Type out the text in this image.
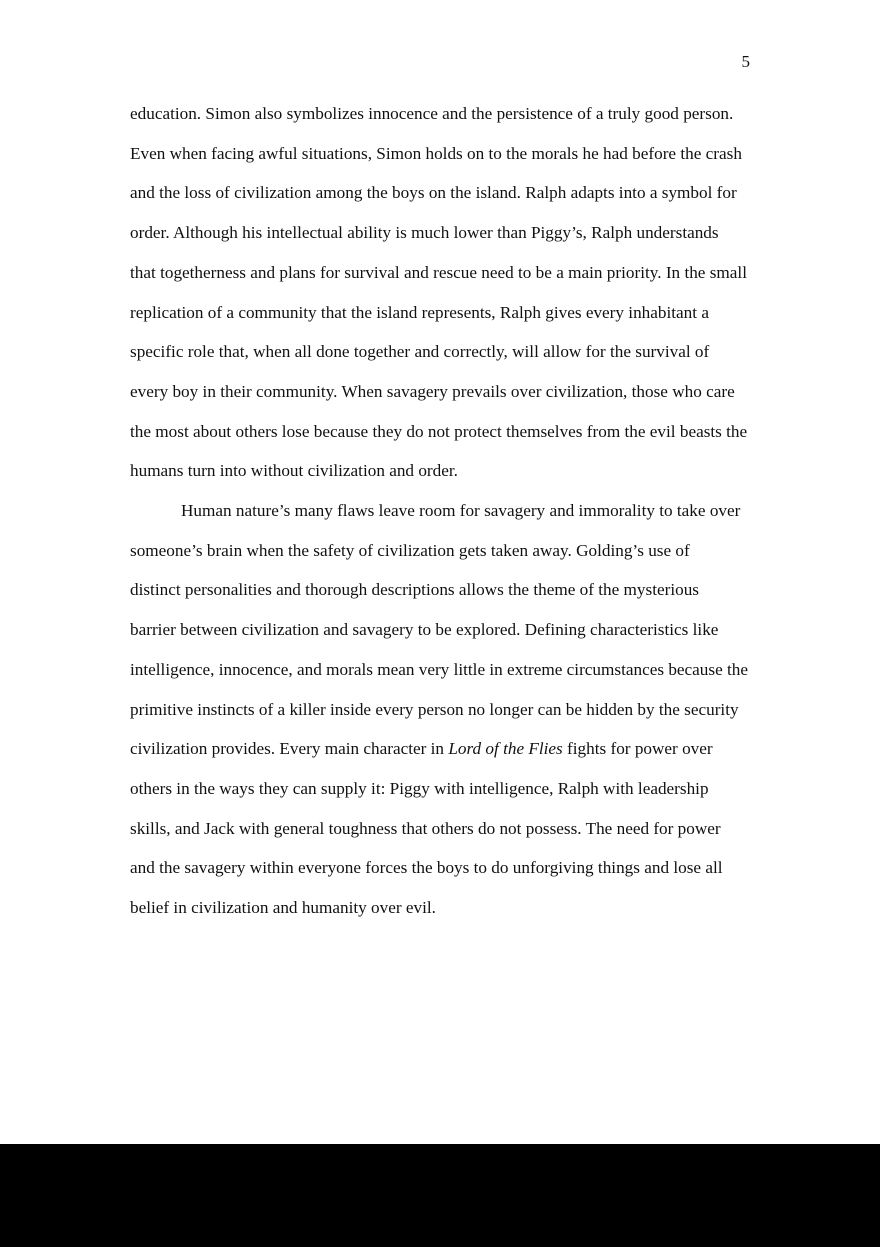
5
education. Simon also symbolizes innocence and the persistence of a truly good person.
Even when facing awful situations, Simon holds on to the morals he had before the crash
and the loss of civilization among the boys on the island. Ralph adapts into a symbol for
order. Although his intellectual ability is much lower than Piggy’s, Ralph understands
that togetherness and plans for survival and rescue need to be a main priority. In the small
replication of a community that the island represents, Ralph gives every inhabitant a
specific role that, when all done together and correctly, will allow for the survival of
every boy in their community. When savagery prevails over civilization, those who care
the most about others lose because they do not protect themselves from the evil beasts the
humans turn into without civilization and order.
Human nature’s many flaws leave room for savagery and immorality to take over
someone’s brain when the safety of civilization gets taken away. Golding’s use of
distinct personalities and thorough descriptions allows the theme of the mysterious
barrier between civilization and savagery to be explored. Defining characteristics like
intelligence, innocence, and morals mean very little in extreme circumstances because the
primitive instincts of a killer inside every person no longer can be hidden by the security
civilization provides. Every main character in Lord of the Flies fights for power over
others in the ways they can supply it: Piggy with intelligence, Ralph with leadership
skills, and Jack with general toughness that others do not possess. The need for power
and the savagery within everyone forces the boys to do unforgiving things and lose all
belief in civilization and humanity over evil.
